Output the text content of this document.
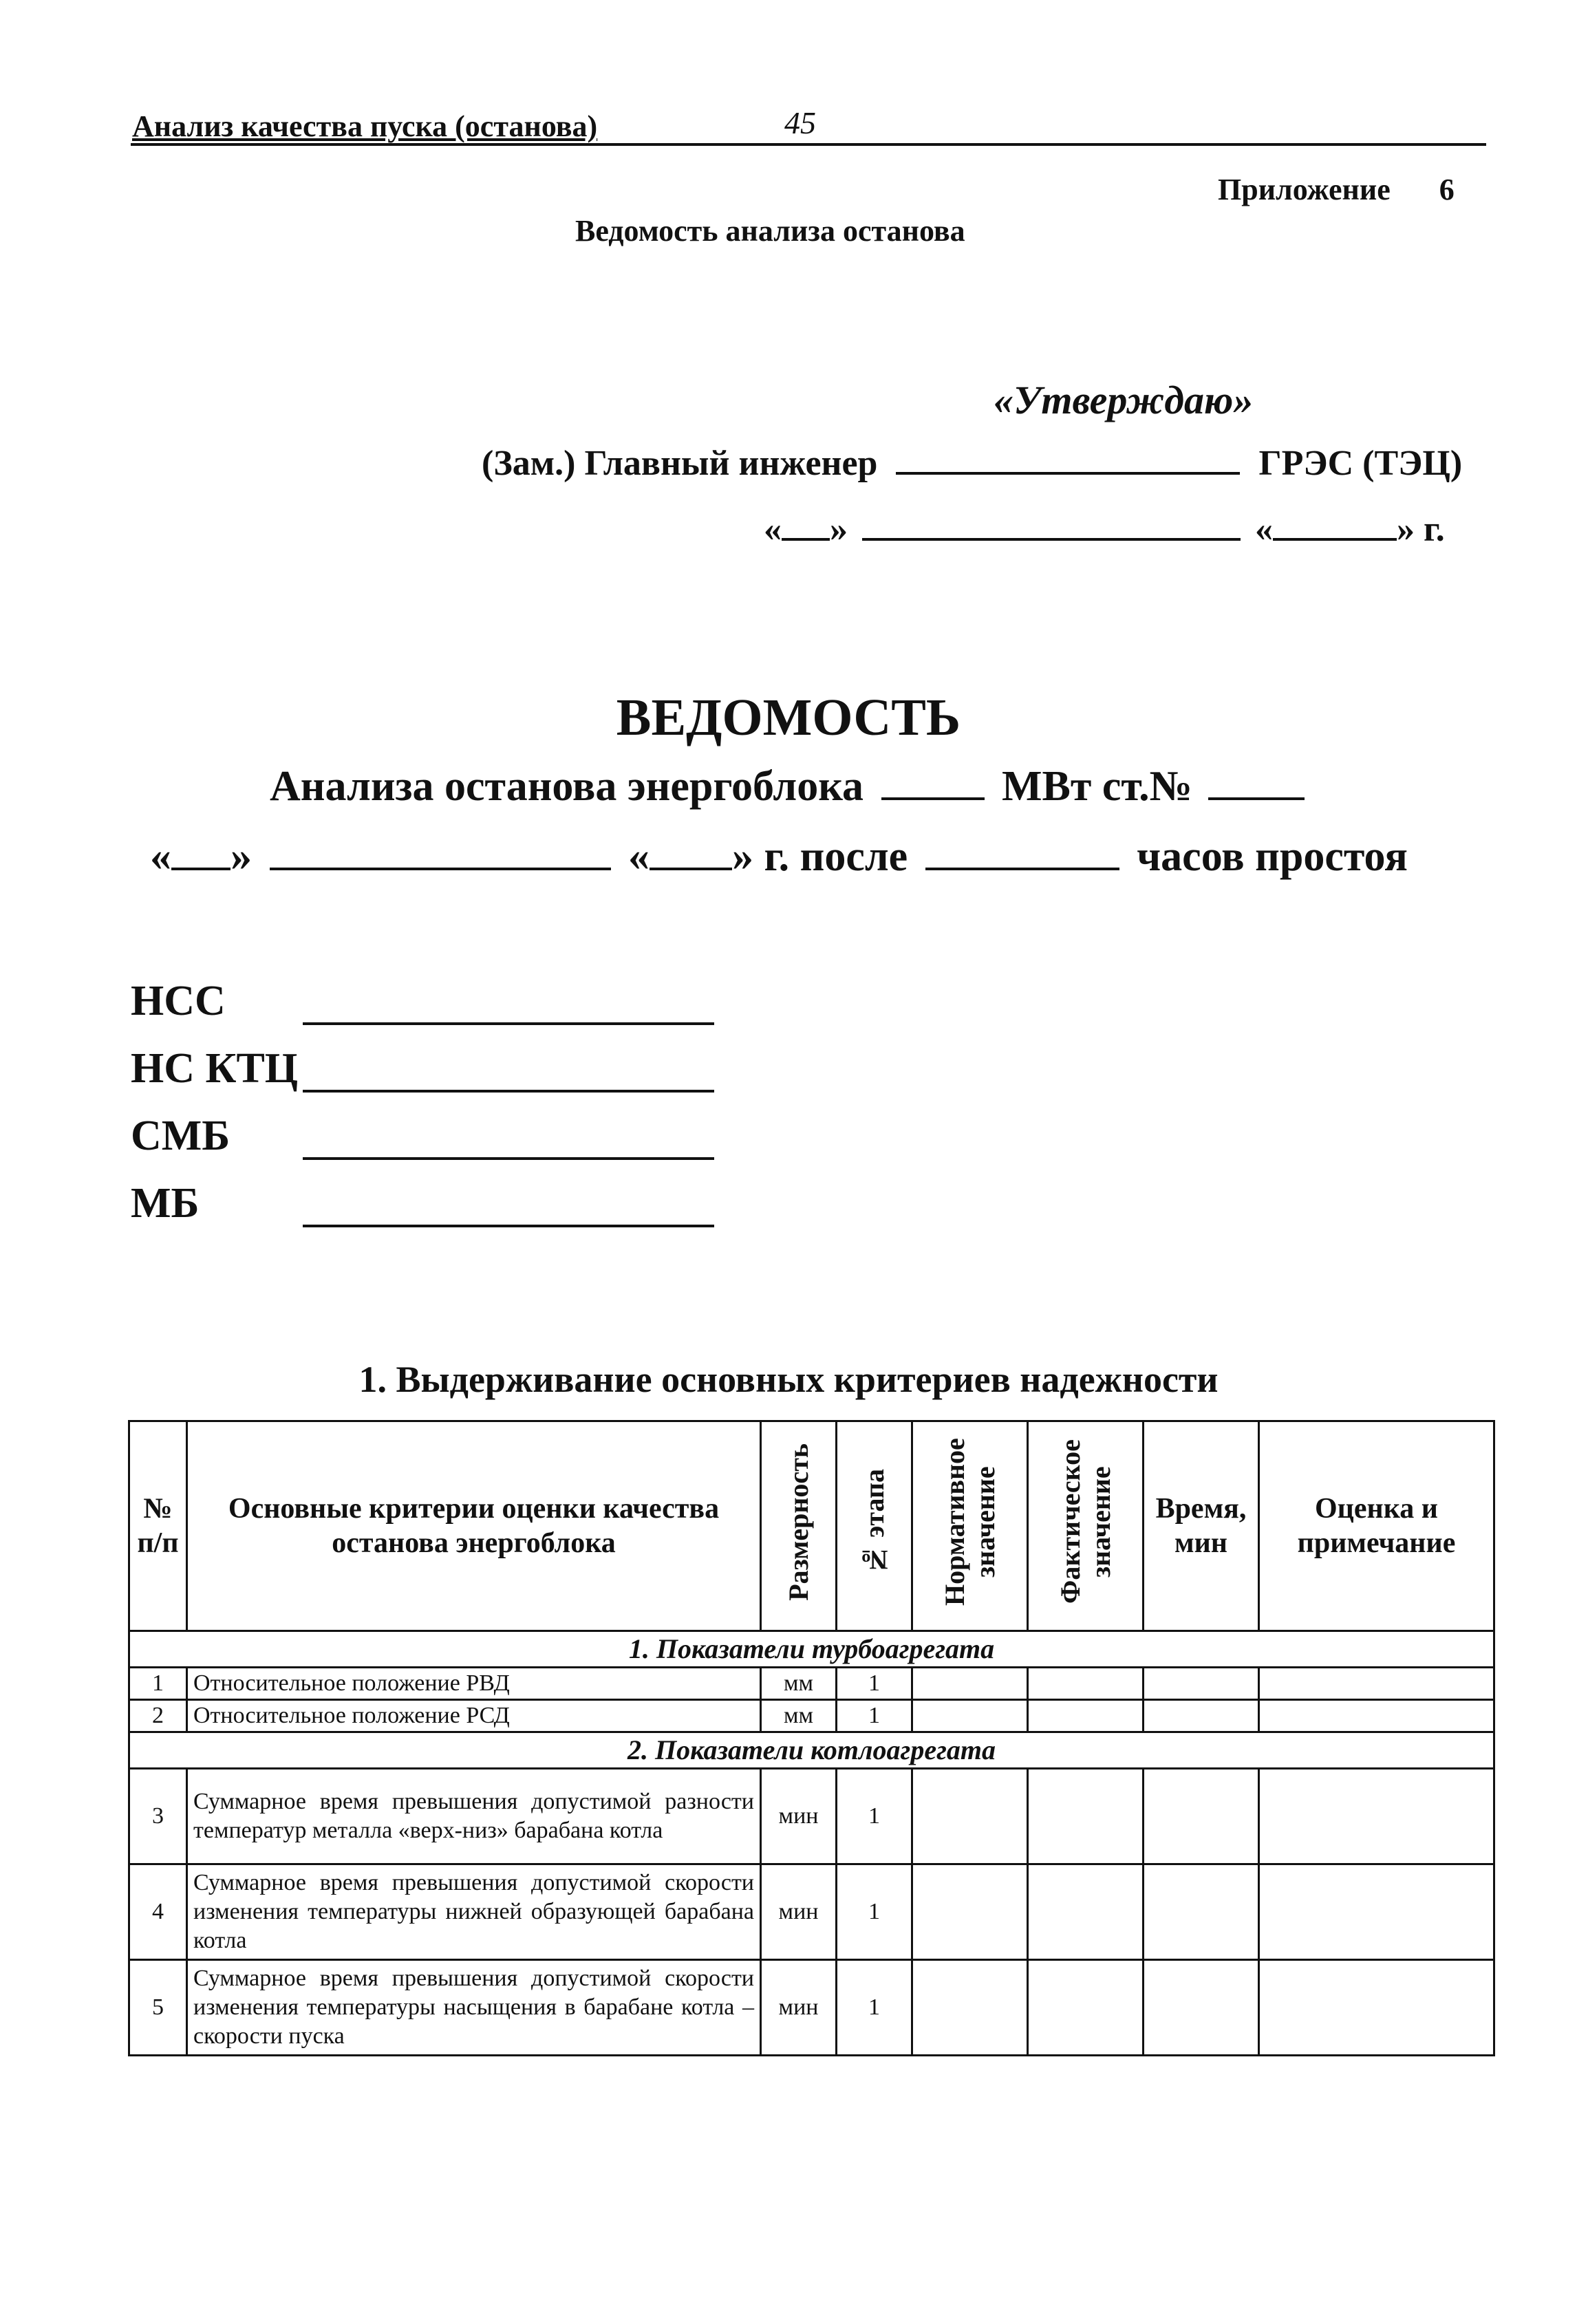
Анализ качества пуска (останова)	45
Приложение 6
Ведомость анализа останова
«Утверждаю»
(Зам.) Главный инженер	ГРЭС (ТЭЦ)
« »	«	» г.
ВЕДОМОСТЬ
Анализа останова энергоблока	МВт ст.№
« »	« » г. после	часов простоя
НСС
НС КТЦ
СМБ
МБ
1. Выдерживание основных критериев надежности
№ п/п	Основные критерии оценки качества останова энергоблока	Размерность	№ этапа	Нормативное значение	Фактическое значение	Время, мин	Оценка и примечание
1. Показатели турбоагрегата							
1	Относительное положение РВД	мм	1				
2	Относительное положение РСД	мм	1				
2. Показатели котлоагрегата							
3	Суммарное время превышения допустимой разности температур металла «верх-низ» барабана котла	мин	1				
4	Суммарное время превышения допустимой скорости изменения температуры нижней образующей барабана котла	мин	1				
5	Суммарное время превышения допустимой скорости изменения температуры насыщения в барабане котла – скорости пуска	мин	1				
